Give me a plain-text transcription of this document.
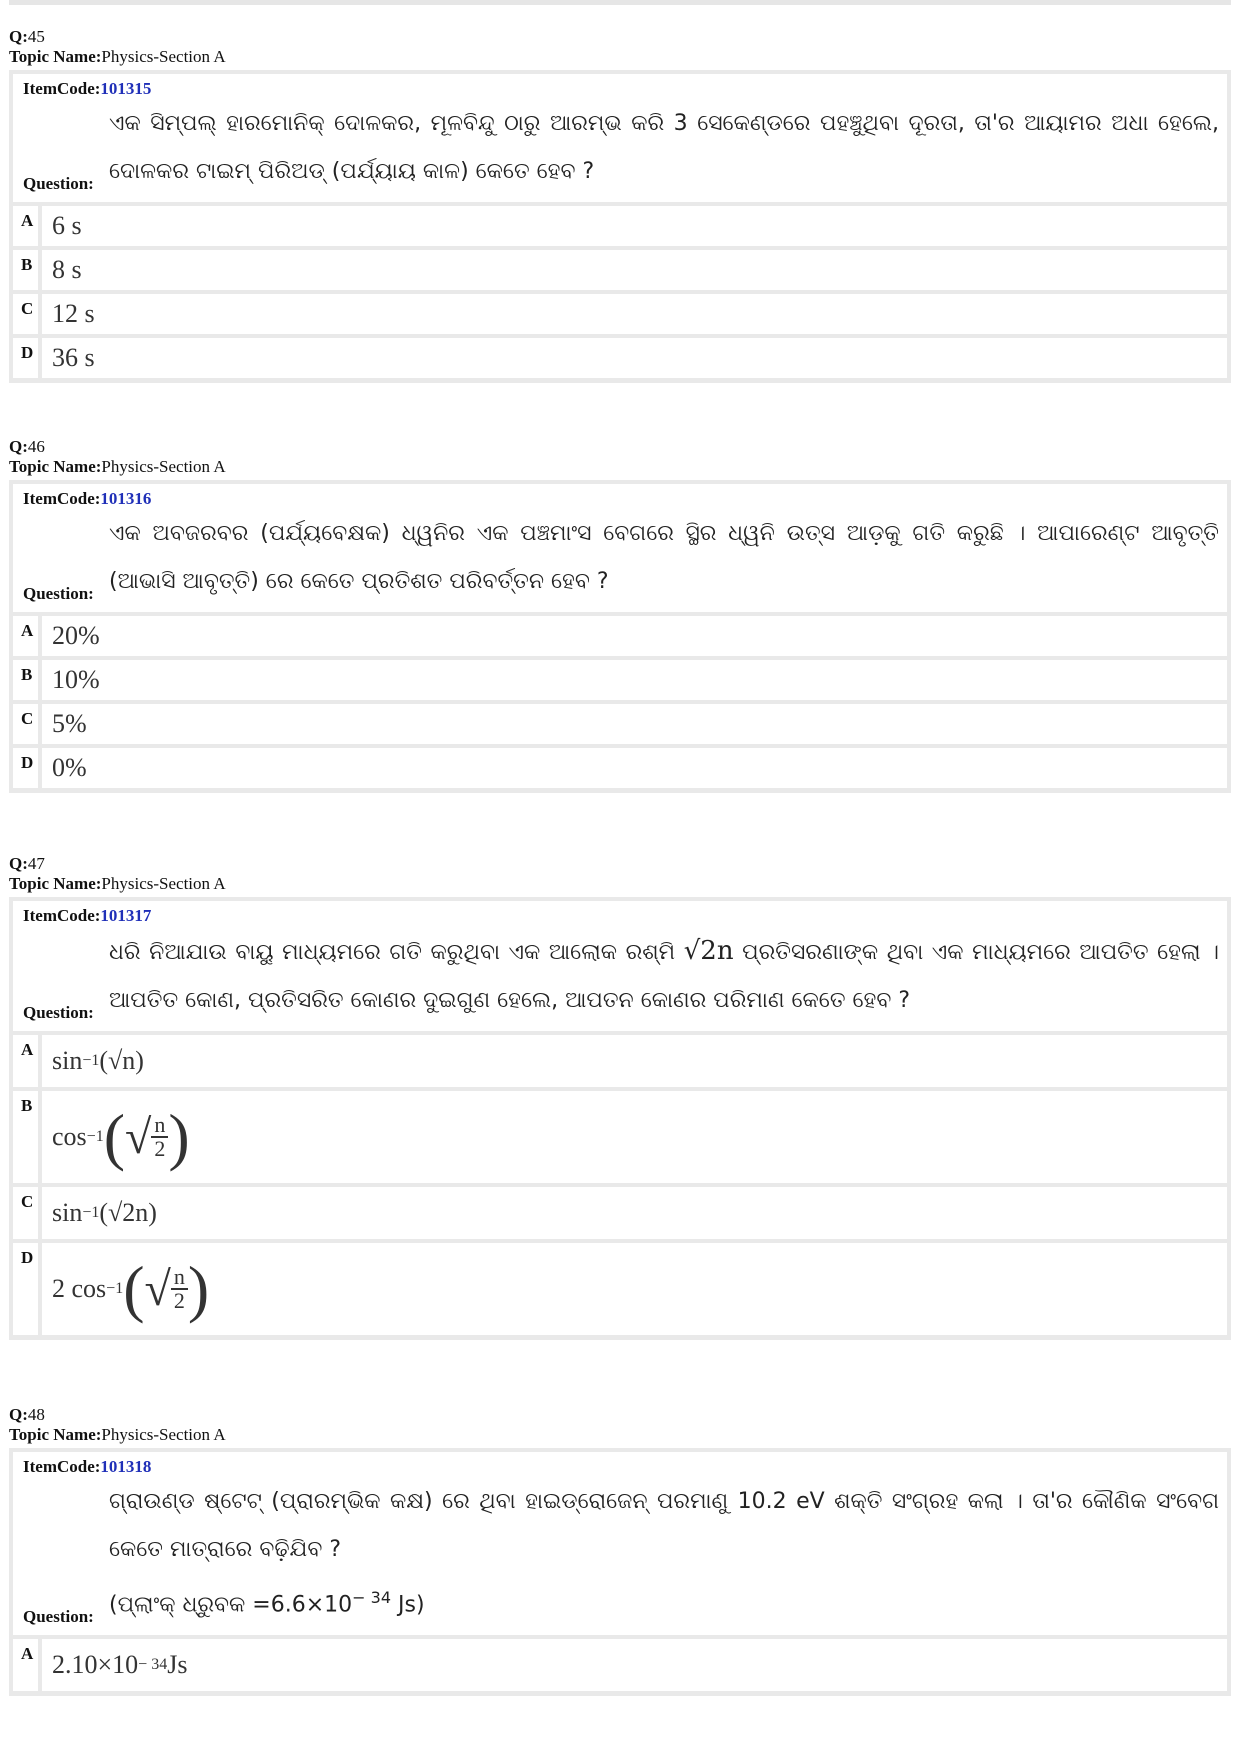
Q:45
Topic Name:Physics-Section A
ItemCode:101315
Question:
ଏକ ସିମ୍ପଲ୍ ହାରମୋନିକ୍ ଦୋଳକର, ମୂଳବିନ୍ଦୁ ଠାରୁ ଆରମ୍ଭ କରି 3 ସେକେଣ୍ଡରେ ପହଞ୍ଚୁଥିବା ଦୂରତା, ତା'ର ଆୟାମର ଅଧା ହେଲେ, ଦୋଳକର ଟାଇମ୍ ପିରିଅଡ୍ (ପର୍ଯ୍ୟାୟ କାଳ) କେତେ ହେବ ?
A 6 s
B 8 s
C 12 s
D 36 s
Q:46
Topic Name:Physics-Section A
ItemCode:101316
Question:
ଏକ ଅବଜରବର (ପର୍ଯ୍ୟବେକ୍ଷକ) ଧ୍ୱନିର ଏକ ପଞ୍ଚମାଂସ ବେଗରେ ସ୍ଥିର ଧ୍ୱନି ଉତ୍ସ ଆଡ଼କୁ ଗତି କରୁଛି । ଆପାରେଣ୍ଟ ଆବୃତ୍ତି (ଆଭାସି ଆବୃତ୍ତି) ରେ କେତେ ପ୍ରତିଶତ ପରିବର୍ତ୍ତନ ହେବ ?
A 20%
B 10%
C 5%
D 0%
Q:47
Topic Name:Physics-Section A
ItemCode:101317
Question:
ଧରି ନିଆଯାଉ ବାୟୁ ମାଧ୍ୟମରେ ଗତି କରୁଥିବା ଏକ ଆଲୋକ ରଶ୍ମି √2n ପ୍ରତିସରଣାଙ୍କ ଥିବା ଏକ ମାଧ୍ୟମରେ ଆପତିତ ହେଲା । ଆପତିତ କୋଣ, ପ୍ରତିସରିତ କୋଣର ଦୁଇଗୁଣ ହେଲେ, ଆପତନ କୋଣର ପରିମାଣ କେତେ ହେବ ?
A sin −1 (√n)
B
cos −1 ( √ $\frac{n}{2}$ )
C sin −1 (√2n)
D
2 cos −1 ( √ $\frac{n}{2}$ )
Q:48
Topic Name:Physics-Section A
ItemCode:101318
Question:
ଗ୍ରାଉଣ୍ଡ ଷ୍ଟେଟ୍ (ପ୍ରାରମ୍ଭିକ କକ୍ଷ) ରେ ଥିବା ହାଇଡ୍ରୋଜେନ୍ ପରମାଣୁ 10.2 eV ଶକ୍ତି ସଂଗ୍ରହ କଲା । ତା'ର କୌଣିକ ସଂବେଗ କେତେ ମାତ୍ରାରେ ବଢ଼ିଯିବ ?
(ପ୍ଲାଂକ୍ ଧ୍ରୁବକ $=6.6\times 10^{- 34}$ Js)
A 2.10×10 − 34 Js
